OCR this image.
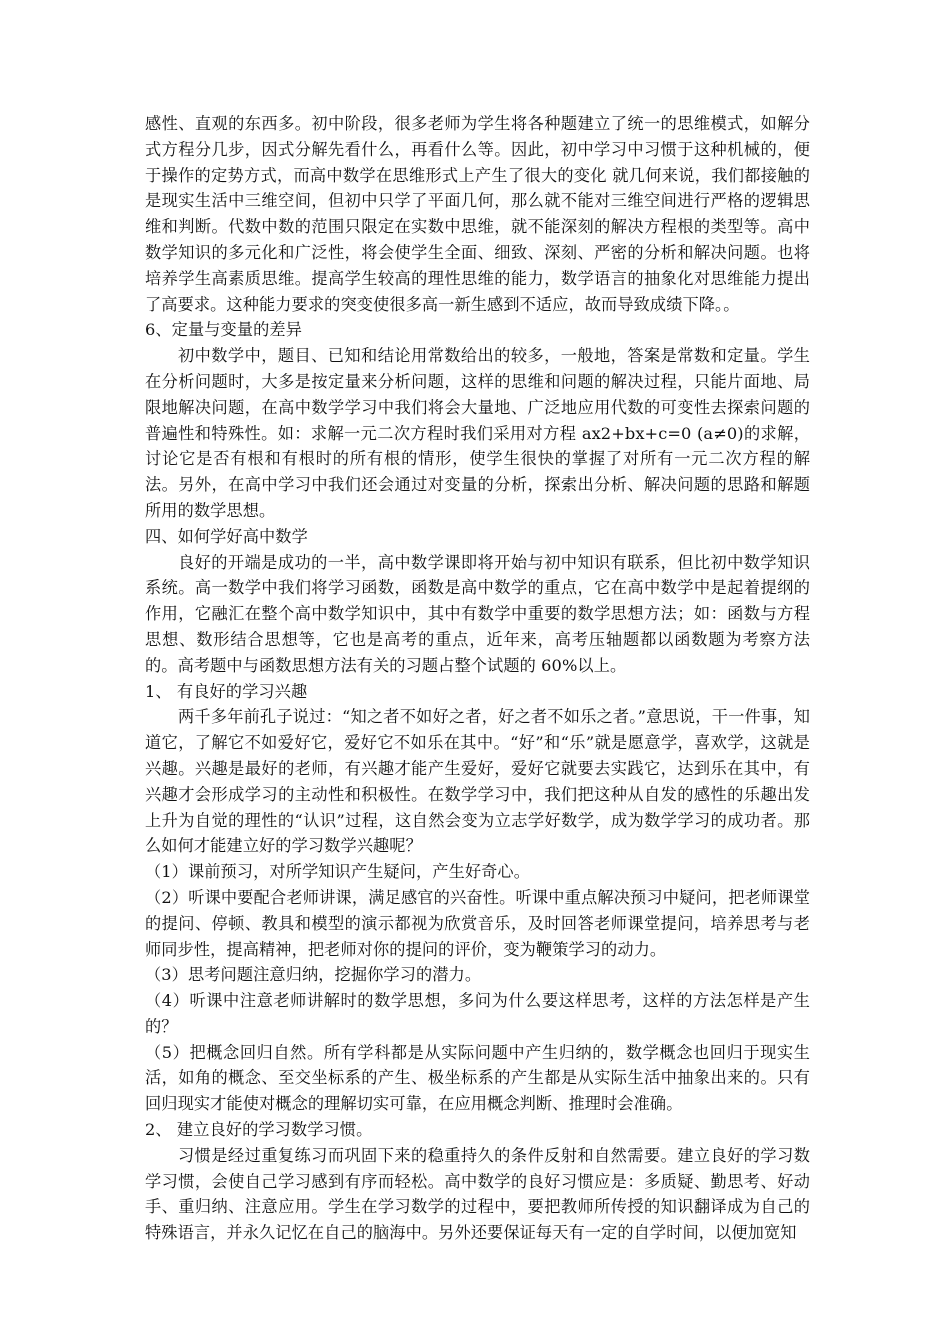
感性、直观的东西多。初中阶段，很多老师为学生将各种题建立了统一的思维模式，如解分式方程分几步，因式分解先看什么，再看什么等。因此，初中学习中习惯于这种机械的，便于操作的定势方式，而高中数学在思维形式上产生了很大的变化 就几何来说，我们都接触的是现实生活中三维空间，但初中只学了平面几何，那么就不能对三维空间进行严格的逻辑思维和判断。代数中数的范围只限定在实数中思维，就不能深刻的解决方程根的类型等。高中数学知识的多元化和广泛性，将会使学生全面、细致、深刻、严密的分析和解决问题。也将培养学生高素质思维。提高学生较高的理性思维的能力，数学语言的抽象化对思维能力提出了高要求。这种能力要求的突变使很多高一新生感到不适应，故而导致成绩下降。。

6、定量与变量的差异

初中数学中，题目、已知和结论用常数给出的较多，一般地，答案是常数和定量。学生在分析问题时，大多是按定量来分析问题，这样的思维和问题的解决过程，只能片面地、局限地解决问题，在高中数学学习中我们将会大量地、广泛地应用代数的可变性去探索问题的普遍性和特殊性。如：求解一元二次方程时我们采用对方程 ax2+bx+c=0 (a≠0)的求解，讨论它是否有根和有根时的所有根的情形，使学生很快的掌握了对所有一元二次方程的解法。另外，在高中学习中我们还会通过对变量的分析，探索出分析、解决问题的思路和解题所用的数学思想。

四、如何学好高中数学

良好的开端是成功的一半，高中数学课即将开始与初中知识有联系，但比初中数学知识系统。高一数学中我们将学习函数，函数是高中数学的重点，它在高中数学中是起着提纲的作用，它融汇在整个高中数学知识中，其中有数学中重要的数学思想方法；如：函数与方程思想、数形结合思想等，它也是高考的重点，近年来，高考压轴题都以函数题为考察方法的。高考题中与函数思想方法有关的习题占整个试题的 60%以上。

1、 有良好的学习兴趣

两千多年前孔子说过：“知之者不如好之者，好之者不如乐之者。”意思说，干一件事，知道它，了解它不如爱好它，爱好它不如乐在其中。“好”和“乐”就是愿意学，喜欢学，这就是兴趣。兴趣是最好的老师，有兴趣才能产生爱好，爱好它就要去实践它，达到乐在其中，有兴趣才会形成学习的主动性和积极性。在数学学习中，我们把这种从自发的感性的乐趣出发上升为自觉的理性的“认识”过程，这自然会变为立志学好数学，成为数学学习的成功者。那么如何才能建立好的学习数学兴趣呢？

（1）课前预习，对所学知识产生疑问，产生好奇心。

（2）听课中要配合老师讲课，满足感官的兴奋性。听课中重点解决预习中疑问，把老师课堂的提问、停顿、教具和模型的演示都视为欣赏音乐，及时回答老师课堂提问，培养思考与老师同步性，提高精神，把老师对你的提问的评价，变为鞭策学习的动力。

（3）思考问题注意归纳，挖掘你学习的潜力。

（4）听课中注意老师讲解时的数学思想，多问为什么要这样思考，这样的方法怎样是产生的？

（5）把概念回归自然。所有学科都是从实际问题中产生归纳的，数学概念也回归于现实生活，如角的概念、至交坐标系的产生、极坐标系的产生都是从实际生活中抽象出来的。只有回归现实才能使对概念的理解切实可靠，在应用概念判断、推理时会准确。

2、 建立良好的学习数学习惯。

习惯是经过重复练习而巩固下来的稳重持久的条件反射和自然需要。建立良好的学习数学习惯，会使自己学习感到有序而轻松。高中数学的良好习惯应是：多质疑、勤思考、好动手、重归纳、注意应用。学生在学习数学的过程中，要把教师所传授的知识翻译成为自己的特殊语言，并永久记忆在自己的脑海中。另外还要保证每天有一定的自学时间，以便加宽知
